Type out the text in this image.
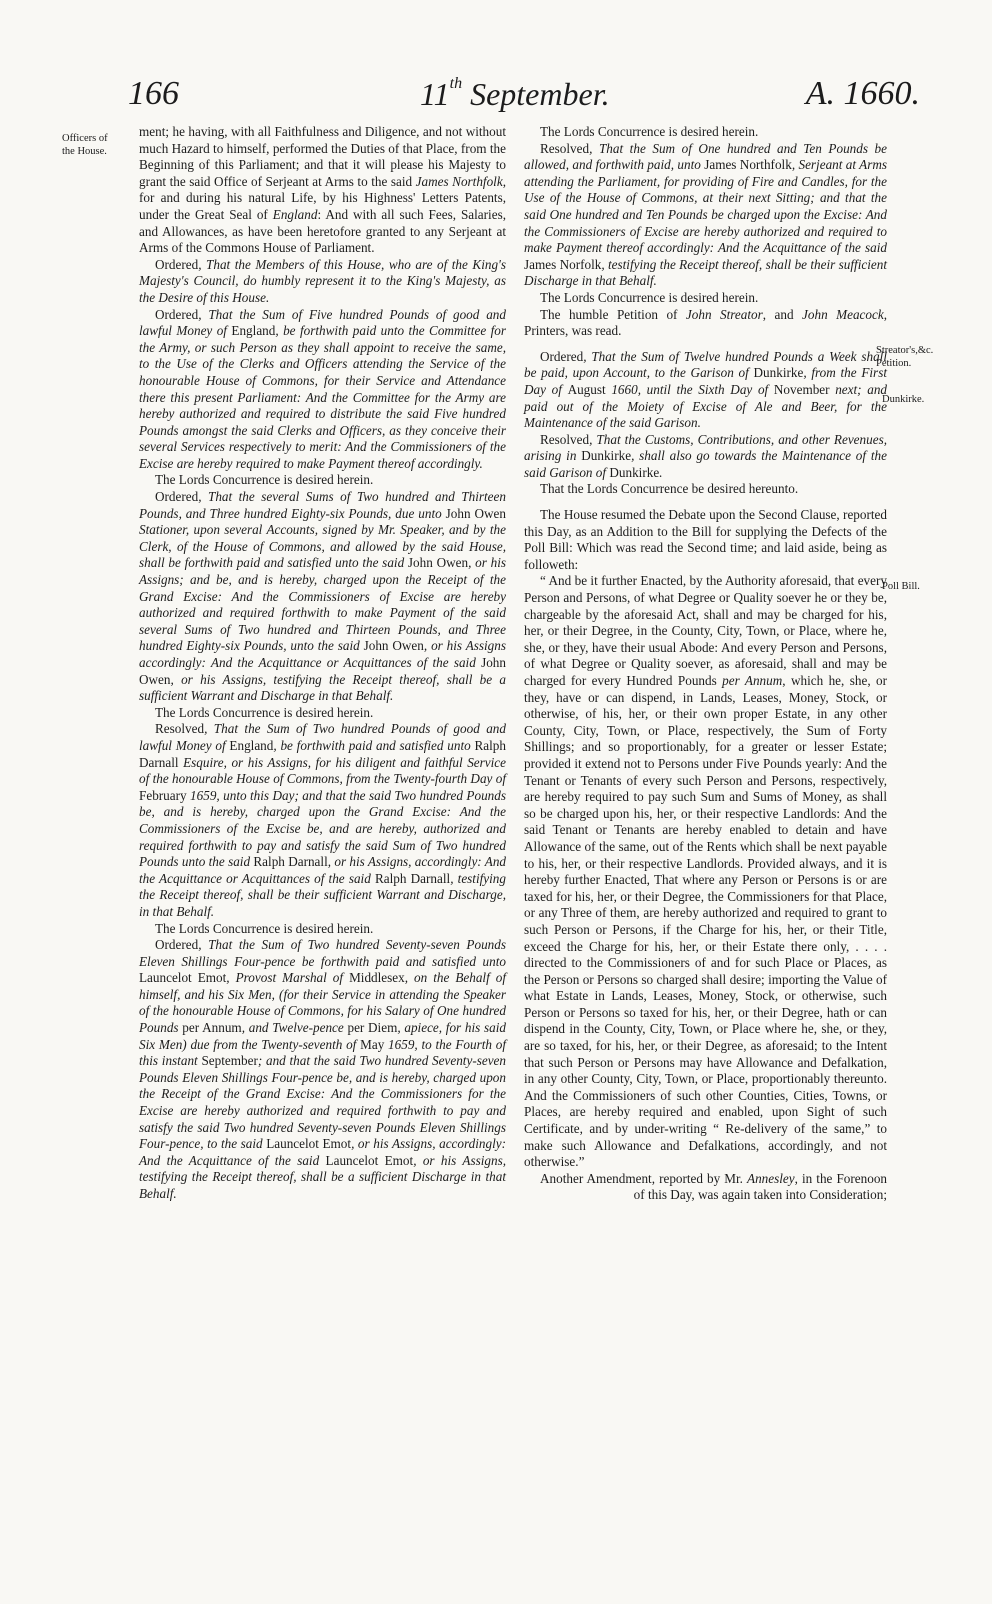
166	11th September.	A. 1660.
Officers of the House.
Streator's,&c. Petition.
Dunkirke.
Poll Bill.

ment; he having, with all Faithfulness and Diligence, and not without much Hazard to himself, performed the Duties of that Place, from the Beginning of this Parliament; and that it will please his Majesty to grant the said Office of Serjeant at Arms to the said James Northfolk, for and during his natural Life, by his Highness' Letters Patents, under the Great Seal of England: And with all such Fees, Salaries, and Allowances, as have been heretofore granted to any Serjeant at Arms of the Commons House of Parliament.

Ordered, That the Members of this House, who are of the King's Majesty's Council, do humbly represent it to the King's Majesty, as the Desire of this House.

Ordered, That the Sum of Five hundred Pounds of good and lawful Money of England, be forthwith paid unto the Committee for the Army, or such Person as they shall appoint to receive the same, to the Use of the Clerks and Officers attending the Service of the honourable House of Commons, for their Service and Attendance there this present Parliament: And the Committee for the Army are hereby authorized and required to distribute the said Five hundred Pounds amongst the said Clerks and Officers, as they conceive their several Services respectively to merit: And the Commissioners of the Excise are hereby required to make Payment thereof accordingly.

The Lords Concurrence is desired herein.

Ordered, That the several Sums of Two hundred and Thirteen Pounds, and Three hundred Eighty-six Pounds, due unto John Owen Stationer, upon several Accounts, signed by Mr. Speaker, and by the Clerk, of the House of Commons, and allowed by the said House, shall be forthwith paid and satisfied unto the said John Owen, or his Assigns; and be, and is hereby, charged upon the Receipt of the Grand Excise: And the Commissioners of Excise are hereby authorized and required forthwith to make Payment of the said several Sums of Two hundred and Thirteen Pounds, and Three hundred Eighty-six Pounds, unto the said John Owen, or his Assigns accordingly: And the Acquittance or Acquittances of the said John Owen, or his Assigns, testifying the Receipt thereof, shall be a sufficient Warrant and Discharge in that Behalf.

The Lords Concurrence is desired herein.

Resolved, That the Sum of Two hundred Pounds of good and lawful Money of England, be forthwith paid and satisfied unto Ralph Darnall Esquire, or his Assigns, for his diligent and faithful Service of the honourable House of Commons, from the Twenty-fourth Day of February 1659, unto this Day; and that the said Two hundred Pounds be, and is hereby, charged upon the Grand Excise: And the Commissioners of the Excise be, and are hereby, authorized and required forthwith to pay and satisfy the said Sum of Two hundred Pounds unto the said Ralph Darnall, or his Assigns, accordingly: And the Acquittance or Acquittances of the said Ralph Darnall, testifying the Receipt thereof, shall be their sufficient Warrant and Discharge, in that Behalf.

The Lords Concurrence is desired herein.

Ordered, That the Sum of Two hundred Seventy-seven Pounds Eleven Shillings Four-pence be forthwith paid and satisfied unto Launcelot Emot, Provost Marshal of Middlesex, on the Behalf of himself, and his Six Men, (for their Service in attending the Speaker of the honourable House of Commons, for his Salary of One hundred Pounds per Annum, and Twelve-pence per Diem, apiece, for his said Six Men) due from the Twenty-seventh of May 1659, to the Fourth of this instant September; and that the said Two hundred Seventy-seven Pounds Eleven Shillings Four-pence be, and is hereby, charged upon the Receipt of the Grand Excise: And the Commissioners for the Excise are hereby authorized and required forthwith to pay and satisfy the said Two hundred Seventy-seven Pounds Eleven Shillings Four-pence, to the said Launcelot Emot, or his Assigns, accordingly: And the Acquittance of the said Launcelot Emot, or his Assigns, testifying the Receipt thereof, shall be a sufficient Discharge in that Behalf.

The Lords Concurrence is desired herein.

Resolved, That the Sum of One hundred and Ten Pounds be allowed, and forthwith paid, unto James Northfolk, Serjeant at Arms attending the Parliament, for providing of Fire and Candles, for the Use of the House of Commons, at their next Sitting; and that the said One hundred and Ten Pounds be charged upon the Excise: And the Commissioners of Excise are hereby authorized and required to make Payment thereof accordingly: And the Acquittance of the said James Norfolk, testifying the Receipt thereof, shall be their sufficient Discharge in that Behalf.

The Lords Concurrence is desired herein.

The humble Petition of John Streator, and John Meacock, Printers, was read.

Ordered, That the Sum of Twelve hundred Pounds a Week shall be paid, upon Account, to the Garison of Dunkirke, from the First Day of August 1660, until the Sixth Day of November next; and paid out of the Moiety of Excise of Ale and Beer, for the Maintenance of the said Garison.

Resolved, That the Customs, Contributions, and other Revenues, arising in Dunkirke, shall also go towards the Maintenance of the said Garison of Dunkirke.

That the Lords Concurrence be desired hereunto.

The House resumed the Debate upon the Second Clause, reported this Day, as an Addition to the Bill for supplying the Defects of the Poll Bill: Which was read the Second time; and laid aside, being as followeth:

“ And be it further Enacted, by the Authority aforesaid, that every Person and Persons, of what Degree or Quality soever he or they be, chargeable by the aforesaid Act, shall and may be charged for his, her, or their Degree, in the County, City, Town, or Place, where he, she, or they, have their usual Abode: And every Person and Persons, of what Degree or Quality soever, as aforesaid, shall and may be charged for every Hundred Pounds per Annum, which he, she, or they, have or can dispend, in Lands, Leases, Money, Stock, or otherwise, of his, her, or their own proper Estate, in any other County, City, Town, or Place, respectively, the Sum of Forty Shillings; and so proportionably, for a greater or lesser Estate; provided it extend not to Persons under Five Pounds yearly: And the Tenant or Tenants of every such Person and Persons, respectively, are hereby required to pay such Sum and Sums of Money, as shall so be charged upon his, her, or their respective Landlords: And the said Tenant or Tenants are hereby enabled to detain and have Allowance of the same, out of the Rents which shall be next payable to his, her, or their respective Landlords. Provided always, and it is hereby further Enacted, That where any Person or Persons is or are taxed for his, her, or their Degree, the Commissioners for that Place, or any Three of them, are hereby authorized and required to grant to such Person or Persons, if the Charge for his, her, or their Title, exceed the Charge for his, her, or their Estate there only, . . . . directed to the Commissioners of and for such Place or Places, as the Person or Persons so charged shall desire; importing the Value of what Estate in Lands, Leases, Money, Stock, or otherwise, such Person or Persons so taxed for his, her, or their Degree, hath or can dispend in the County, City, Town, or Place where he, she, or they, are so taxed, for his, her, or their Degree, as aforesaid; to the Intent that such Person or Persons may have Allowance and Defalkation, in any other County, City, Town, or Place, proportionably thereunto. And the Commissioners of such other Counties, Cities, Towns, or Places, are hereby required and enabled, upon Sight of such Certificate, and by under-writing “ Re-delivery of the same,” to make such Allowance and Defalkations, accordingly, and not otherwise.”

Another Amendment, reported by Mr. Annesley, in the Forenoon of this Day, was again taken into Consideration;
